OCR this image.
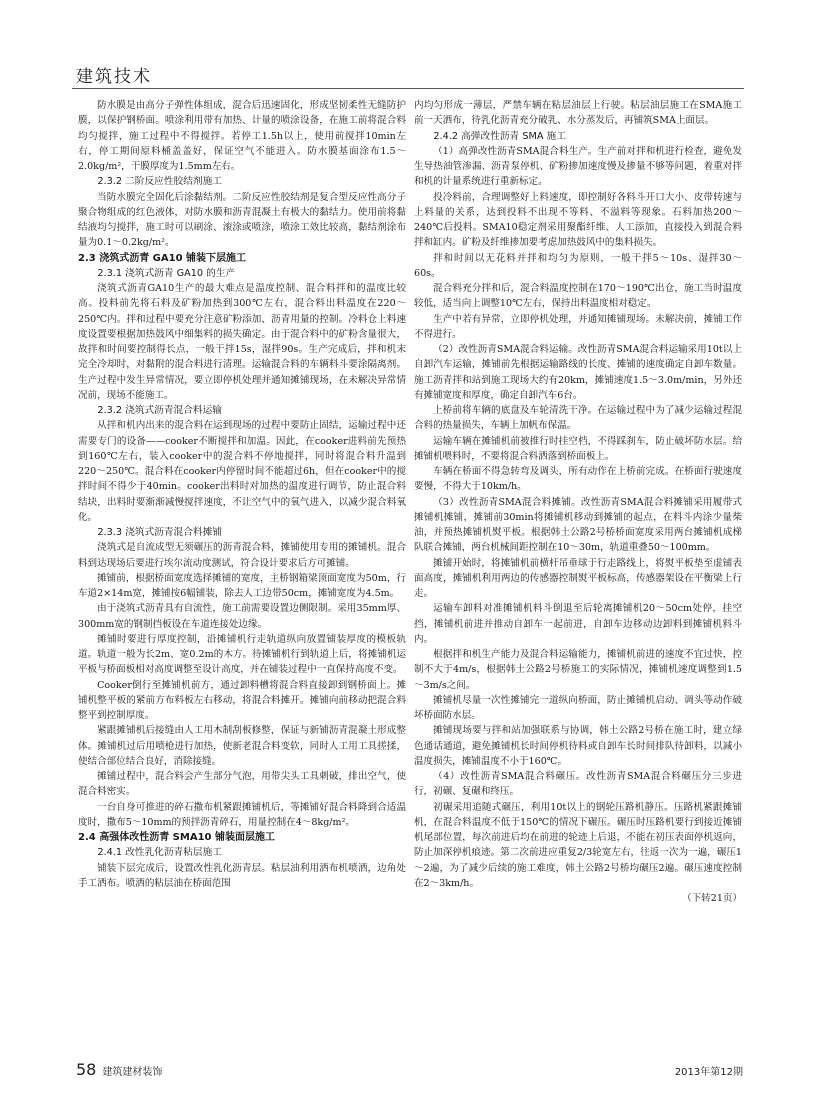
建筑技术

防水膜是由高分子弹性体组成，混合后迅速固化，形成坚韧柔性无缝防护膜，以保护钢桥面。喷涂利用带有加热、计量的喷涂设备，在施工前将混合料均匀搅拌，施工过程中不得搅拌。若停工1.5h以上，使用前搅拌10min左右，停工期间原料桶盖盖好，保证空气不能进入。防水膜基面涂布1.5～2.0kg/m²，干膜厚度为1.5mm左右。

2.3.2 二阶反应性胶结剂施工

当防水膜完全固化后涂黏结剂。二阶反应性胶结剂是复合型反应性高分子聚合物组成的红色液体，对防水膜和沥青混凝土有极大的黏结力。使用前将黏结液均匀搅拌，施工时可以刷涂、滚涂或喷涂，喷涂工效比较高，黏结剂涂布量为0.1～0.2kg/m²。

2.3 浇筑式沥青 GA10 铺装下层施工

2.3.1 浇筑式沥青 GA10 的生产

浇筑式沥青GA10生产的最大难点是温度控制、混合料拌和的温度比较高。投料前先将石料及矿粉加热到300℃左右，混合料出料温度在220～250℃内。拌和过程中要充分注意矿粉添加、沥青用量的控制。冷料仓上料速度设置要根据加热鼓风中细集料的损失确定。由于混合料中的矿粉含量很大，故拌和时间要控制得长点，一般干拌15s，湿拌90s。生产完成后，拌和机末完全冷却时，对黏附的混合料进行清理。运输混合料的车辆料斗要涂隔离剂。生产过程中发生异常情况，要立即停机处理并通知摊铺现场，在未解决异常情况前，现场不能施工。

2.3.2 浇筑式沥青混合料运输

从拌和机内出来的混合料在运到现场的过程中要防止固结，运输过程中还需要专门的设备——cooker不断搅拌和加温。因此，在cooker进料前先预热到160℃左右，装入cooker中的混合料不停地搅拌，同时将混合料升温到220～250℃。混合料在cooker内停留时间不能超过6h，但在cooker中的搅拌时间不得少于40min。cooker出料时对加热的温度进行调节，防止混合料结块，出料时要渐渐减慢搅拌速度，不让空气中的氧气进入，以减少混合料氧化。

2.3.3 浇筑式沥青混合料摊铺

浇筑式是自流成型无须碾压的沥青混合料，摊铺使用专用的摊铺机。混合料到达现场后要进行埃尔流动度测试，符合设计要求后方可摊铺。

摊铺前，根据桥面宽度选择摊铺的宽度，主桥钢箱梁顶面宽度为50m，行车道2×14m宽，摊铺按6幅铺装，除去人工边带50cm，摊铺宽度为4.5m。

由于浇筑式沥青具有自流性，施工前需要设置边侧限制。采用35mm厚、300mm宽的钢制挡板设在车道连接处边缘。

摊铺时要进行厚度控制，沿摊铺机行走轨道纵向放置铺装厚度的模板轨道。轨道一般为长2m、宽0.2m的木方。待摊铺机行到轨道上后，将摊铺机运平板与桥面板相对高度调整至设计高度，并在铺装过程中一直保持高度不变。

Cooker倒行至摊铺机前方，通过卸料槽将混合料直接卸到钢桥面上。摊铺机整平板的紧前方布料板左右移动，将混合料摊开。摊铺向前移动把混合料整平到控制厚度。

紧跟摊铺机后接缝由人工用木制刮板修整，保证与新铺沥青混凝土形成整体。摊铺机过后用喷枪进行加热，使新老混合料变软，同时人工用工具搓揉，使结合部位结合良好，消除接缝。

摊铺过程中，混合料会产生部分气泡，用带尖头工具刺破，排出空气，使混合料密实。

一台自身可推进的碎石撒布机紧跟摊铺机后，等摊铺好混合料降到合适温度时，撒布5～10mm的预拌沥青碎石，用量控制在4～8kg/m²。

2.4 高强体改性沥青 SMA10 铺装面层施工

2.4.1 改性乳化沥青粘层施工

铺装下层完成后，设置改性乳化沥青层。粘层油利用洒布机喷洒，边角处手工洒布。喷洒的粘层油在桥面范围

内均匀形成一薄层，严禁车辆在粘层油层上行驶。粘层油层施工在SMA施工前一天洒布，待乳化沥青充分破乳、水分蒸发后，再铺筑SMA上面层。

2.4.2 高弹改性沥青 SMA 施工

（1）高弹改性沥青SMA混合料生产。生产前对拌和机进行检查，避免发生导热油管渗漏、沥青泵停机、矿粉掺加速度慢及掺量不够等问题，着重对拌和机的计量系统进行重新标定。

投冷料前，合理调整好上料速度，即控制好各料斗开口大小、皮带转速与上料量的关系，达到投料不出现不等料、不溢料等现象。石料加热200～240℃后投料。SMA10稳定剂采用聚酯纤维、人工添加，直接投入到混合料拌和缸内。矿粉及纤维掺加要考虑加热鼓风中的集料损失。

拌和时间以无花料并拌和均匀为原则，一般干拌5～10s、湿拌30～60s。

混合料充分拌和后，混合料温度控制在170～190℃出仓，施工当时温度较低，适当向上调整10℃左右，保持出料温度相对稳定。

生产中若有异常，立即停机处理，并通知摊铺现场。未解决前，摊铺工作不得进行。

（2）改性沥青SMA混合料运输。改性沥青SMA混合料运输采用10t以上自卸汽车运输，摊铺前先根据运输路线的长度、摊铺的速度确定自卸车数量。施工沥青拌和站到施工现场大约有20km，摊铺速度1.5～3.0m/min，另外还有摊铺宽度和厚度，确定自卸汽车6台。

上桥前将车辆的底盘及车轮清洗干净。在运输过程中为了减少运输过程混合料的热量损失，车辆上加帆布保温。

运输车辆在摊铺机前被推行时挂空档，不得踩刹车，防止破坏防水层。给摊铺机喂料时，不要将混合料洒落到桥面板上。

车辆在桥面不得急转弯及调头，所有动作在上桥前完成。在桥面行驶速度要慢，不得大于10km/h。

（3）改性沥青SMA混合料摊铺。改性沥青SMA混合料摊铺采用履带式摊铺机摊铺，摊铺前30min将摊铺机移动到摊铺的起点，在料斗内涂少量柴油，并预热摊铺机熨平板。根据韩土公路2号桥桥面宽度采用两台摊铺机成梯队联合摊铺，两台机械间距控制在10～30m，轨道重叠50～100mm。

摊铺开始时，将摊铺机前横杆吊垂球于行走路线上，将熨平板垫至虚铺表面高度，摊铺机利用两边的传感器控制熨平板标高，传感器架设在平衡梁上行走。

运输车卸料对准摊铺机料斗倒退至后轮离摊铺机20～50cm处停，挂空挡，摊铺机前进并推动自卸车一起前进，自卸车边移动边卸料到摊铺机料斗内。

根据拌和机生产能力及混合料运输能力，摊铺机前进的速度不宜过快，控制不大于4m/s，根据韩土公路2号桥施工的实际情况，摊铺机速度调整到1.5～3m/s之间。

摊铺机尽量一次性摊铺完一道纵向桥面，防止摊铺机启动、调头等动作破坏桥面防水层。

摊铺现场要与拌和站加强联系与协调，韩土公路2号桥在施工时，建立绿色通话通道，避免摊铺机长时间停机待料或自卸车长时间排队待卸料，以减小温度损失，摊铺温度不小于160℃。

（4）改性沥青SMA混合料碾压。改性沥青SMA混合料碾压分三步进行，初碾、复碾和终压。

初碾采用追随式碾压，利用10t以上的钢轮压路机静压。压路机紧跟摊铺机，在混合料温度不低于150℃的情况下碾压。碾压时压路机要行到接近摊铺机尾部位置，每次前进后均在前进的轮迹上后退，不能在初压表面停机返向，防止加深停机痕迹。第二次前进应重复2/3轮宽左右，往返一次为一遍，碾压1～2遍，为了减少后续的施工难度，韩土公路2号桥均碾压2遍。碾压速度控制在2～3km/h。

（下转21页）

58 建筑建材装饰	2013年第12期
